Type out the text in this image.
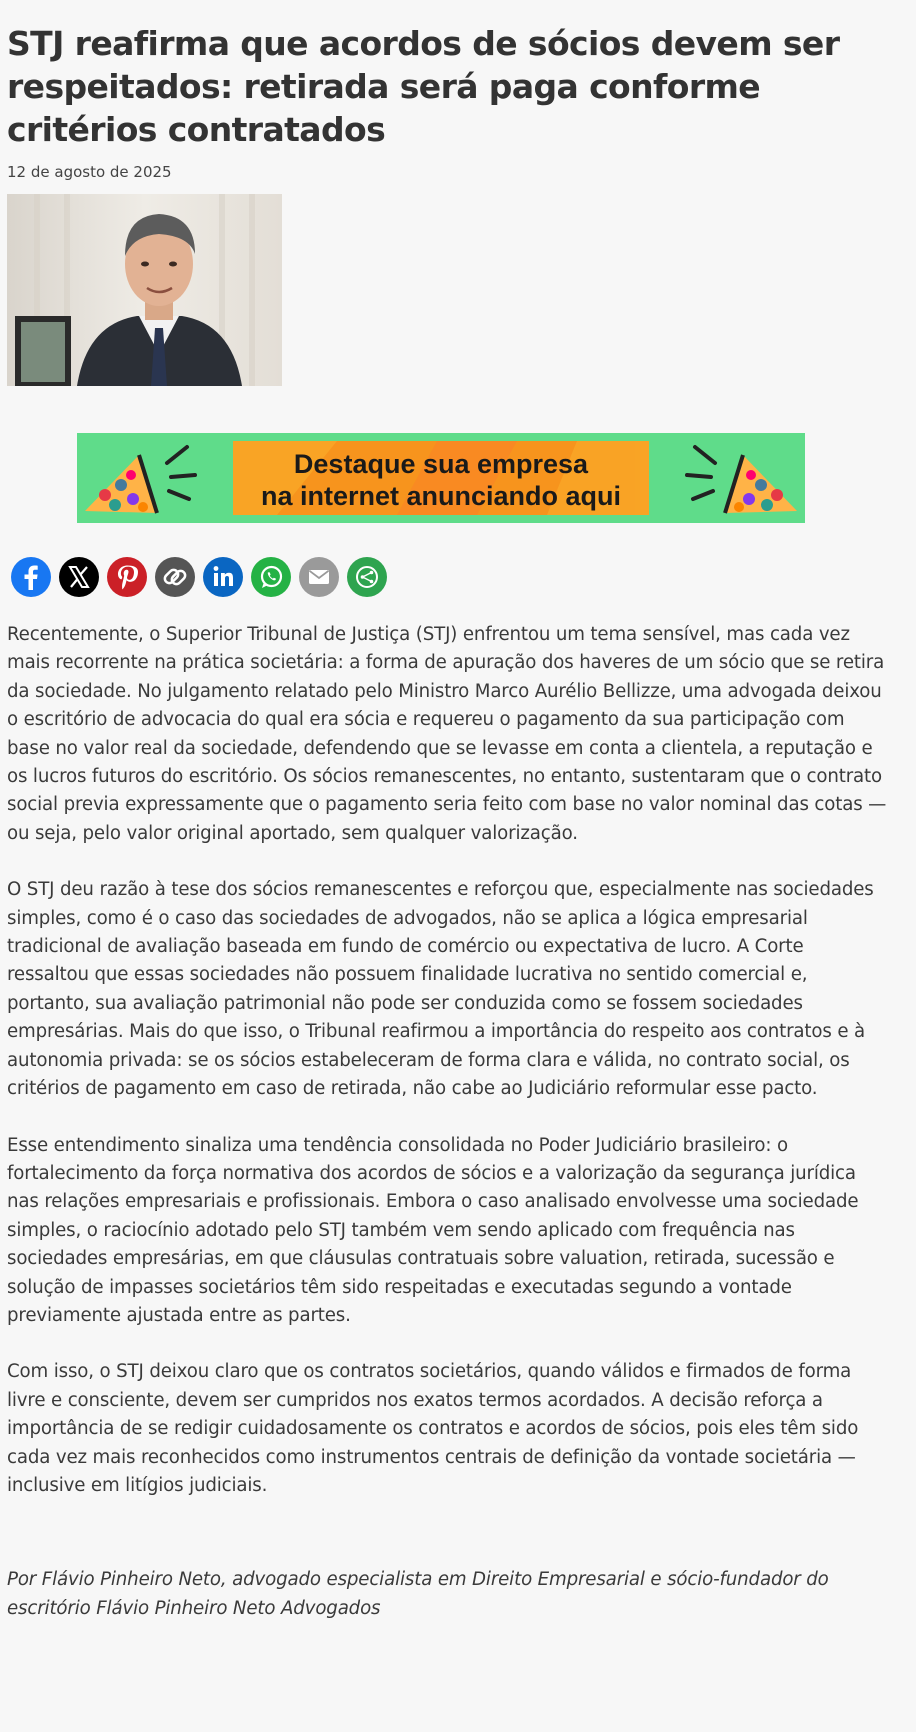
STJ reafirma que acordos de sócios devem ser respeitados: retirada será paga conforme critérios contratados
12 de agosto de 2025
Destaque sua empresa
na internet anunciando aqui

Recentemente, o Superior Tribunal de Justiça (STJ) enfrentou um tema sensível, mas cada vez mais recorrente na prática societária: a forma de apuração dos haveres de um sócio que se retira da sociedade. No julgamento relatado pelo Ministro Marco Aurélio Bellizze, uma advogada deixou o escritório de advocacia do qual era sócia e requereu o pagamento da sua participação com base no valor real da sociedade, defendendo que se levasse em conta a clientela, a reputação e os lucros futuros do escritório. Os sócios remanescentes, no entanto, sustentaram que o contrato social previa expressamente que o pagamento seria feito com base no valor nominal das cotas — ou seja, pelo valor original aportado, sem qualquer valorização.

O STJ deu razão à tese dos sócios remanescentes e reforçou que, especialmente nas sociedades simples, como é o caso das sociedades de advogados, não se aplica a lógica empresarial tradicional de avaliação baseada em fundo de comércio ou expectativa de lucro. A Corte ressaltou que essas sociedades não possuem finalidade lucrativa no sentido comercial e, portanto, sua avaliação patrimonial não pode ser conduzida como se fossem sociedades empresárias. Mais do que isso, o Tribunal reafirmou a importância do respeito aos contratos e à autonomia privada: se os sócios estabeleceram de forma clara e válida, no contrato social, os critérios de pagamento em caso de retirada, não cabe ao Judiciário reformular esse pacto.

Esse entendimento sinaliza uma tendência consolidada no Poder Judiciário brasileiro: o fortalecimento da força normativa dos acordos de sócios e a valorização da segurança jurídica nas relações empresariais e profissionais. Embora o caso analisado envolvesse uma sociedade simples, o raciocínio adotado pelo STJ também vem sendo aplicado com frequência nas sociedades empresárias, em que cláusulas contratuais sobre valuation, retirada, sucessão e solução de impasses societários têm sido respeitadas e executadas segundo a vontade previamente ajustada entre as partes.

Com isso, o STJ deixou claro que os contratos societários, quando válidos e firmados de forma livre e consciente, devem ser cumpridos nos exatos termos acordados. A decisão reforça a importância de se redigir cuidadosamente os contratos e acordos de sócios, pois eles têm sido cada vez mais reconhecidos como instrumentos centrais de definição da vontade societária — inclusive em litígios judiciais.

Por Flávio Pinheiro Neto, advogado especialista em Direito Empresarial e sócio-fundador do escritório Flávio Pinheiro Neto Advogados
